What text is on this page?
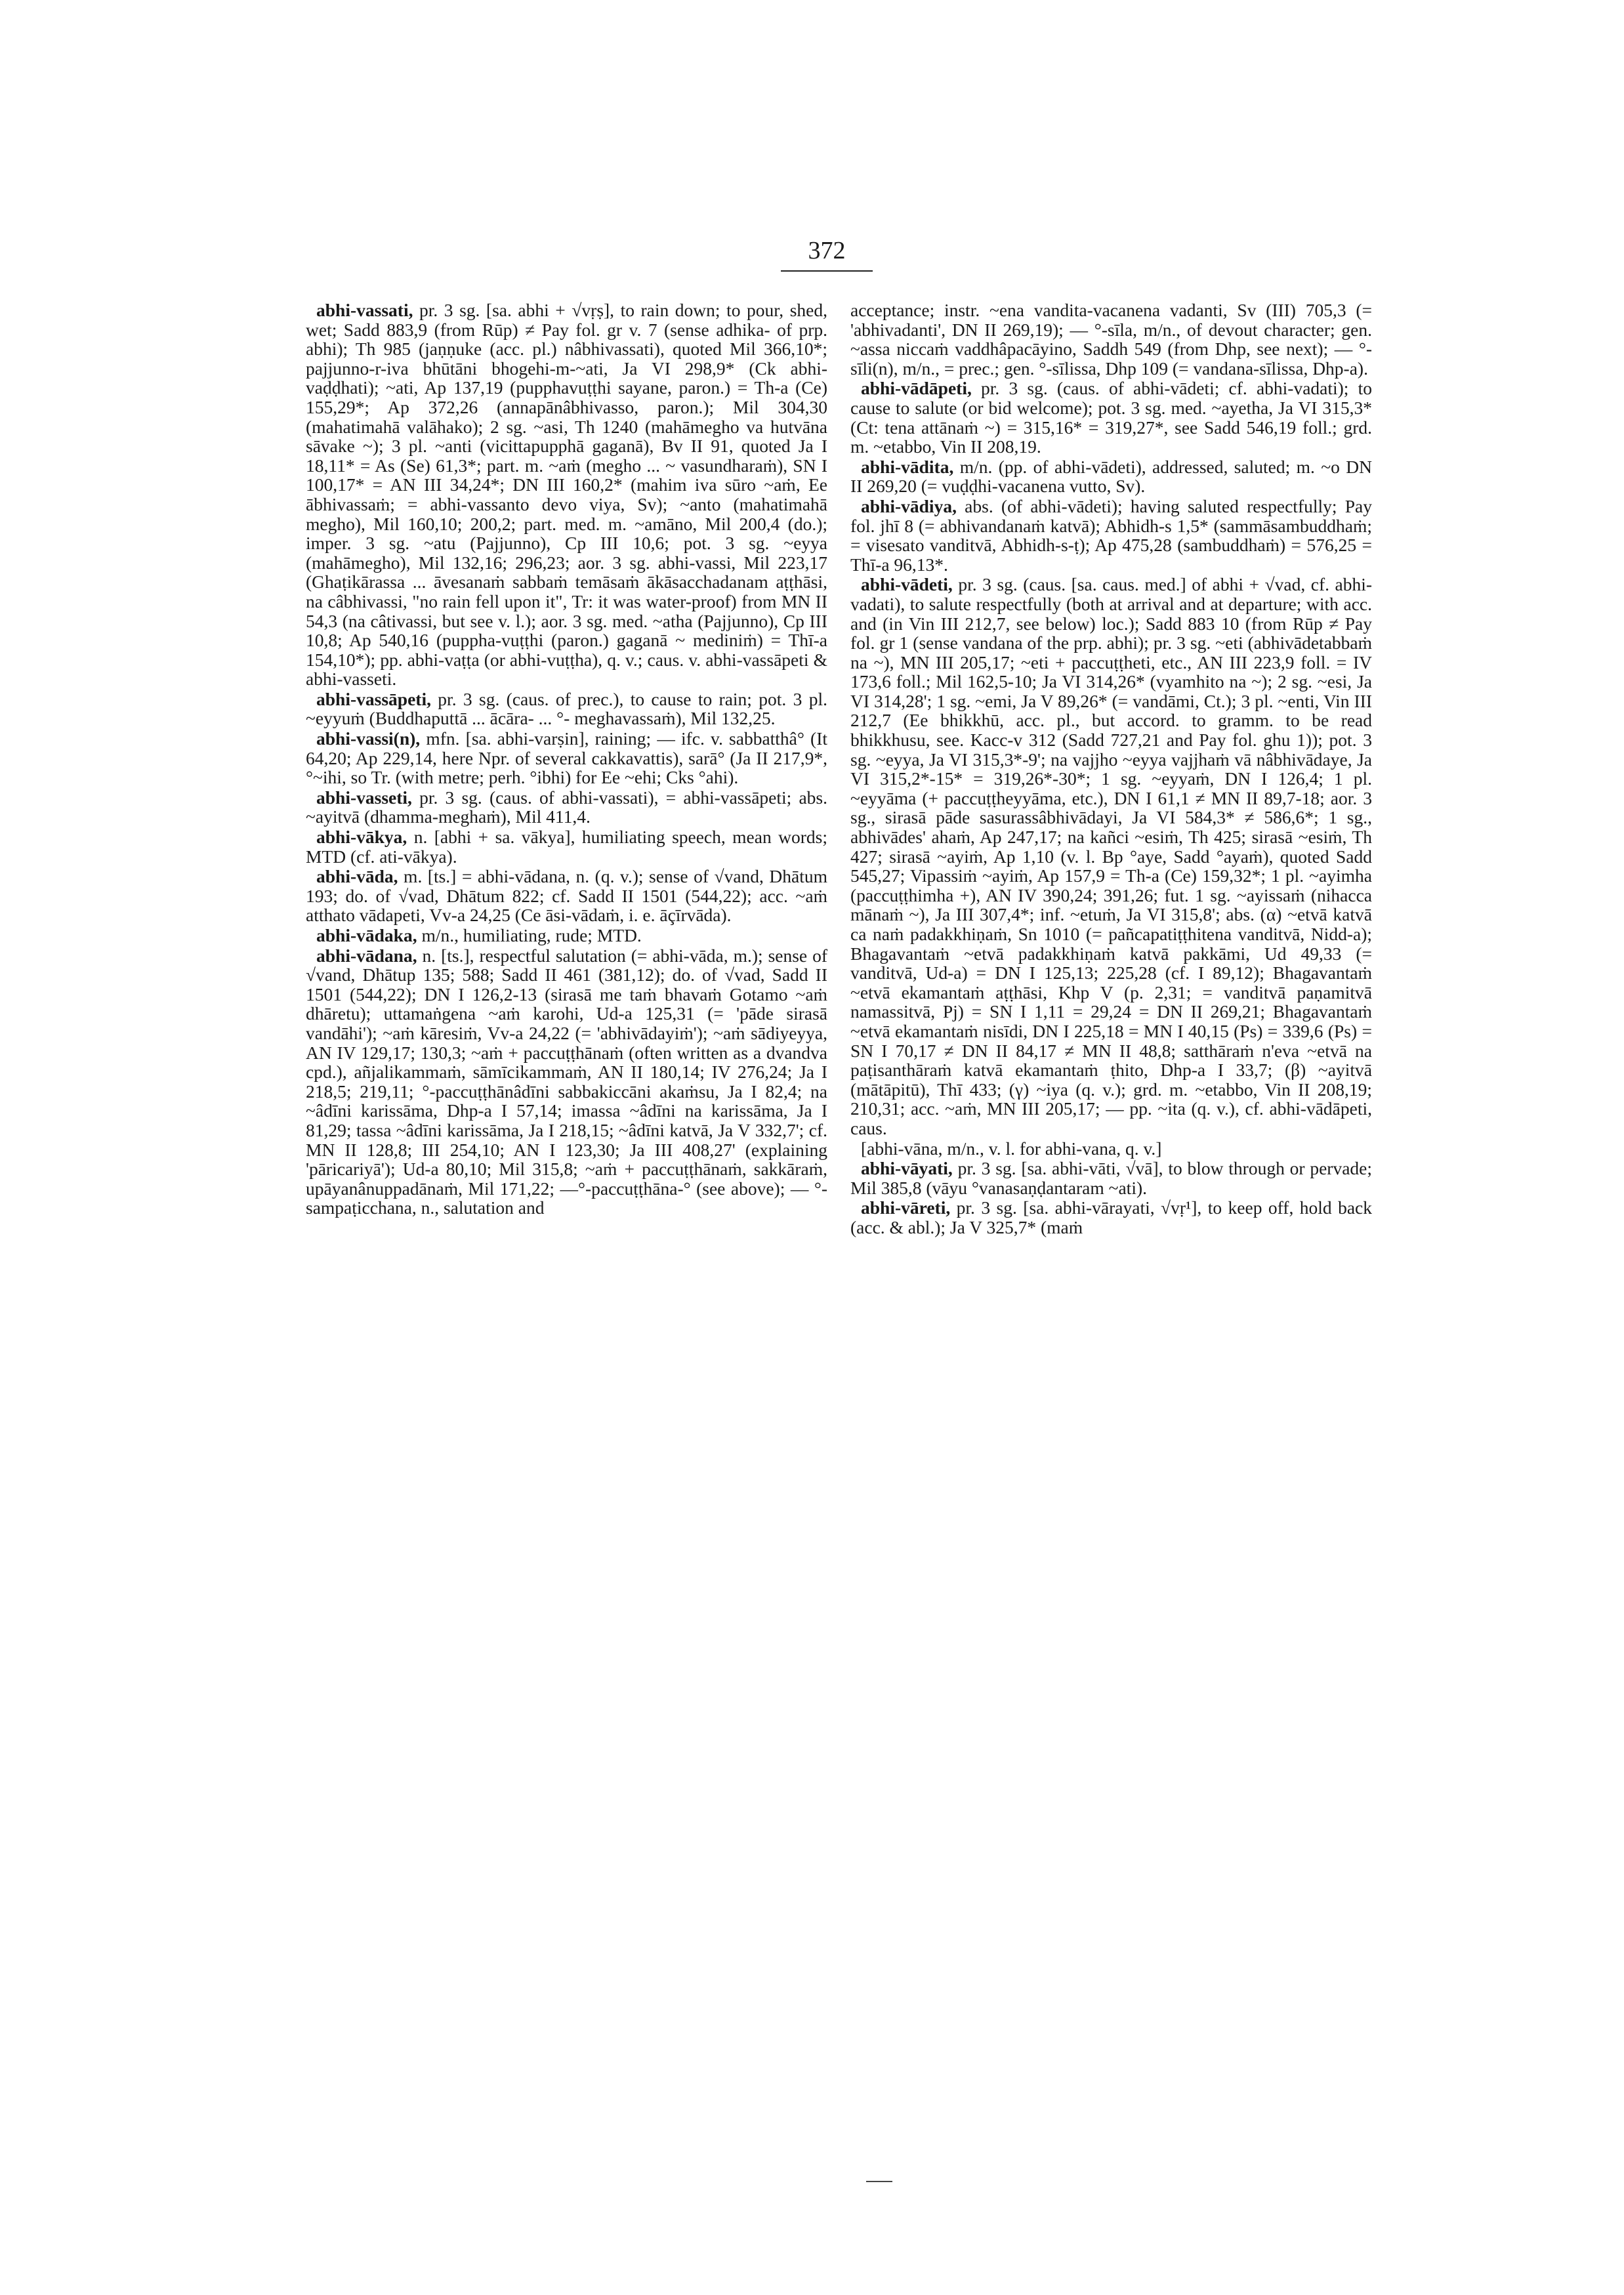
372

abhi-vassati, pr. 3 sg. [sa. abhi + √vṛṣ], to rain down; to pour, shed, wet; Sadd 883,9 (from Rūp) ≠ Pay fol. gr v. 7 (sense adhika- of prp. abhi); Th 985 (jaṇṇuke (acc. pl.) nâbhivassati), quoted Mil 366,10*; pajjunno-r-iva bhūtāni bhogehi-m-~ati, Ja VI 298,9* (Ck abhi-vaḍḍhati); ~ati, Ap 137,19 (pupphavuṭṭhi sayane, paron.) = Th-a (Ce) 155,29*; Ap 372,26 (annapānâbhivasso, paron.); Mil 304,30 (mahatimahā valāhako); 2 sg. ~asi, Th 1240 (mahāmegho va hutvāna sāvake ~); 3 pl. ~anti (vicittapupphā gaganā), Bv II 91, quoted Ja I 18,11* = As (Se) 61,3*; part. m. ~aṁ (megho ... ~ vasundharaṁ), SN I 100,17* = AN III 34,24*; DN III 160,2* (mahim iva sūro ~aṁ, Ee ābhivassaṁ; = abhi-vassanto devo viya, Sv); ~anto (mahatimahā megho), Mil 160,10; 200,2; part. med. m. ~amāno, Mil 200,4 (do.); imper. 3 sg. ~atu (Pajjunno), Cp III 10,6; pot. 3 sg. ~eyya (mahāmegho), Mil 132,16; 296,23; aor. 3 sg. abhi-vassi, Mil 223,17 (Ghaṭikārassa ... āvesanaṁ sabbaṁ temāsaṁ ākāsacchadanam aṭṭhāsi, na câbhivassi, "no rain fell upon it", Tr: it was water-proof) from MN II 54,3 (na câtivassi, but see v. l.); aor. 3 sg. med. ~atha (Pajjunno), Cp III 10,8; Ap 540,16 (puppha-vuṭṭhi (paron.) gaganā ~ mediniṁ) = Thī-a 154,10*); pp. abhi-vaṭṭa (or abhi-vuṭṭha), q. v.; caus. v. abhi-vassāpeti & abhi-vasseti.

abhi-vassāpeti, pr. 3 sg. (caus. of prec.), to cause to rain; pot. 3 pl. ~eyyuṁ (Buddhaputtā ... ācāra- ... °- meghavassaṁ), Mil 132,25.

abhi-vassi(n), mfn. [sa. abhi-varṣin], raining; — ifc. v. sabbatthâ° (It 64,20; Ap 229,14, here Npr. of several cakkavattis), sarā° (Ja II 217,9*, °~ihi, so Tr. (with metre; perh. °ibhi) for Ee ~ehi; Cks °ahi).

abhi-vasseti, pr. 3 sg. (caus. of abhi-vassati), = abhi-vassāpeti; abs. ~ayitvā (dhamma-meghaṁ), Mil 411,4.

abhi-vākya, n. [abhi + sa. vākya], humiliating speech, mean words; MTD (cf. ati-vākya).

abhi-vāda, m. [ts.] = abhi-vādana, n. (q. v.); sense of √vand, Dhātum 193; do. of √vad, Dhātum 822; cf. Sadd II 1501 (544,22); acc. ~aṁ atthato vādapeti, Vv-a 24,25 (Ce āsi-vādaṁ, i. e. āçīrvāda).

abhi-vādaka, m/n., humiliating, rude; MTD.

abhi-vādana, n. [ts.], respectful salutation (= abhi-vāda, m.); sense of √vand, Dhātup 135; 588; Sadd II 461 (381,12); do. of √vad, Sadd II 1501 (544,22); DN I 126,2-13 (sirasā me taṁ bhavaṁ Gotamo ~aṁ dhāretu); uttamaṅgena ~aṁ karohi, Ud-a 125,31 (= 'pāde sirasā vandāhi'); ~aṁ kāresiṁ, Vv-a 24,22 (= 'abhivādayiṁ'); ~aṁ sādiyeyya, AN IV 129,17; 130,3; ~aṁ + paccuṭṭhānaṁ (often written as a dvandva cpd.), añjalikammaṁ, sāmīcikammaṁ, AN II 180,14; IV 276,24; Ja I 218,5; 219,11; °-paccuṭṭhānâdīni sabbakiccāni akaṁsu, Ja I 82,4; na ~âdīni karissāma, Dhp-a I 57,14; imassa ~âdīni na karissāma, Ja I 81,29; tassa ~âdīni karissāma, Ja I 218,15; ~âdīni katvā, Ja V 332,7'; cf. MN II 128,8; III 254,10; AN I 123,30; Ja III 408,27' (explaining 'pāricariyā'); Ud-a 80,10; Mil 315,8; ~aṁ + paccuṭṭhānaṁ, sakkāraṁ, upāyanânuppadānaṁ, Mil 171,22; —°-paccuṭṭhāna-° (see above); — °-sampaṭicchana, n., salutation and

acceptance; instr. ~ena vandita-vacanena vadanti, Sv (III) 705,3 (= 'abhivadanti', DN II 269,19); — °-sīla, m/n., of devout character; gen. ~assa niccaṁ vaddhâpacāyino, Saddh 549 (from Dhp, see next); — °-sīli(n), m/n., = prec.; gen. °-sīlissa, Dhp 109 (= vandana-sīlissa, Dhp-a).

abhi-vādāpeti, pr. 3 sg. (caus. of abhi-vādeti; cf. abhi-vadati); to cause to salute (or bid welcome); pot. 3 sg. med. ~ayetha, Ja VI 315,3* (Ct: tena attānaṁ ~) = 315,16* = 319,27*, see Sadd 546,19 foll.; grd. m. ~etabbo, Vin II 208,19.

abhi-vādita, m/n. (pp. of abhi-vādeti), addressed, saluted; m. ~o DN II 269,20 (= vuḍḍhi-vacanena vutto, Sv).

abhi-vādiya, abs. (of abhi-vādeti); having saluted respectfully; Pay fol. jhī 8 (= abhivandanaṁ katvā); Abhidh-s 1,5* (sammāsambuddhaṁ; = visesato vanditvā, Abhidh-s-ṭ); Ap 475,28 (sambuddhaṁ) = 576,25 = Thī-a 96,13*.

abhi-vādeti, pr. 3 sg. (caus. [sa. caus. med.] of abhi + √vad, cf. abhi-vadati), to salute respectfully (both at arrival and at departure; with acc. and (in Vin III 212,7, see below) loc.); Sadd 883 10 (from Rūp ≠ Pay fol. gr 1 (sense vandana of the prp. abhi); pr. 3 sg. ~eti (abhivādetabbaṁ na ~), MN III 205,17; ~eti + paccuṭṭheti, etc., AN III 223,9 foll. = IV 173,6 foll.; Mil 162,5-10; Ja VI 314,26* (vyamhito na ~); 2 sg. ~esi, Ja VI 314,28'; 1 sg. ~emi, Ja V 89,26* (= vandāmi, Ct.); 3 pl. ~enti, Vin III 212,7 (Ee bhikkhū, acc. pl., but accord. to gramm. to be read bhikkhusu, see. Kacc-v 312 (Sadd 727,21 and Pay fol. ghu 1)); pot. 3 sg. ~eyya, Ja VI 315,3*-9'; na vajjho ~eyya vajjhaṁ vā nâbhivādaye, Ja VI 315,2*-15* = 319,26*-30*; 1 sg. ~eyyaṁ, DN I 126,4; 1 pl. ~eyyāma (+ paccuṭṭheyyāma, etc.), DN I 61,1 ≠ MN II 89,7-18; aor. 3 sg., sirasā pāde sasurassâbhivādayi, Ja VI 584,3* ≠ 586,6*; 1 sg., abhivādes' ahaṁ, Ap 247,17; na kañci ~esiṁ, Th 425; sirasā ~esiṁ, Th 427; sirasā ~ayiṁ, Ap 1,10 (v. l. Bp °aye, Sadd °ayaṁ), quoted Sadd 545,27; Vipassiṁ ~ayiṁ, Ap 157,9 = Th-a (Ce) 159,32*; 1 pl. ~ayimha (paccuṭṭhimha +), AN IV 390,24; 391,26; fut. 1 sg. ~ayissaṁ (nihacca mānaṁ ~), Ja III 307,4*; inf. ~etuṁ, Ja VI 315,8'; abs. (α) ~etvā katvā ca naṁ padakkhiṇaṁ, Sn 1010 (= pañcapatiṭṭhitena vanditvā, Nidd-a); Bhagavantaṁ ~etvā padakkhiṇaṁ katvā pakkāmi, Ud 49,33 (= vanditvā, Ud-a) = DN I 125,13; 225,28 (cf. I 89,12); Bhagavantaṁ ~etvā ekamantaṁ aṭṭhāsi, Khp V (p. 2,31; = vanditvā paṇamitvā namassitvā, Pj) = SN I 1,11 = 29,24 = DN II 269,21; Bhagavantaṁ ~etvā ekamantaṁ nisīdi, DN I 225,18 = MN I 40,15 (Ps) = 339,6 (Ps) = SN I 70,17 ≠ DN II 84,17 ≠ MN II 48,8; satthāraṁ n'eva ~etvā na paṭisanthāraṁ katvā ekamantaṁ ṭhito, Dhp-a I 33,7; (β) ~ayitvā (mātāpitū), Thī 433; (γ) ~iya (q. v.); grd. m. ~etabbo, Vin II 208,19; 210,31; acc. ~aṁ, MN III 205,17; — pp. ~ita (q. v.), cf. abhi-vādāpeti, caus.

[abhi-vāna, m/n., v. l. for abhi-vana, q. v.]

abhi-vāyati, pr. 3 sg. [sa. abhi-vāti, √vā], to blow through or pervade; Mil 385,8 (vāyu °vanasaṇḍantaram ~ati).

abhi-vāreti, pr. 3 sg. [sa. abhi-vārayati, √vṛ¹], to keep off, hold back (acc. & abl.); Ja V 325,7* (maṁ
